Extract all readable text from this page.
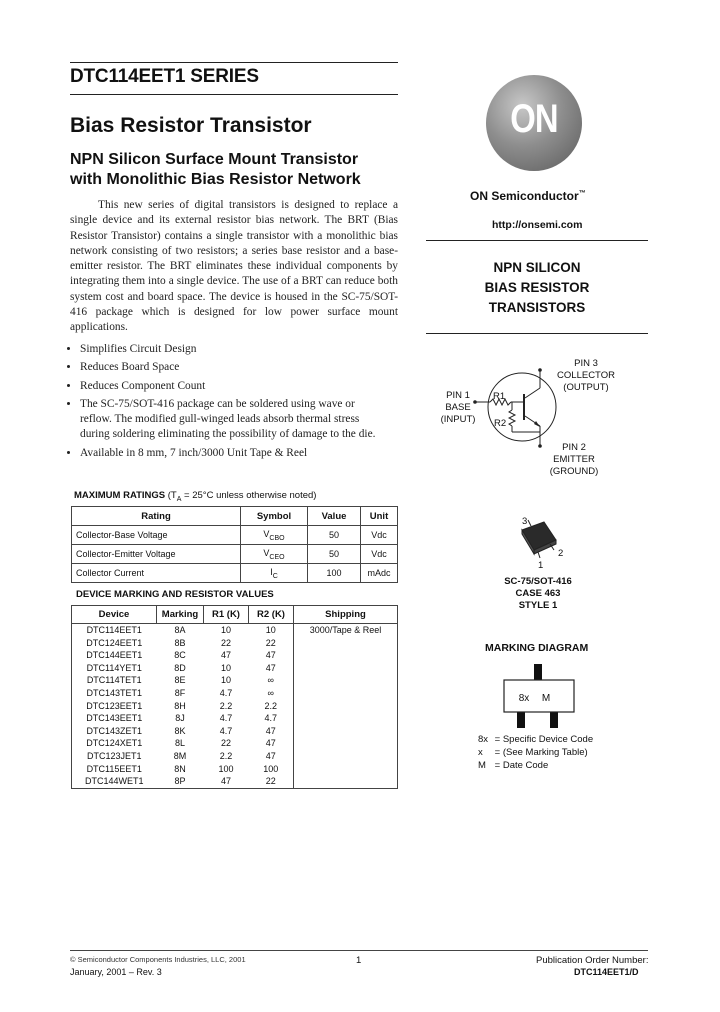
DTC114EET1 SERIES
Bias Resistor Transistor
NPN Silicon Surface Mount Transistor
with Monolithic Bias Resistor Network
This new series of digital transistors is designed to replace a single device and its external resistor bias network. The BRT (Bias Resistor Transistor) contains a single transistor with a monolithic bias network consisting of two resistors; a series base resistor and a base-emitter resistor. The BRT eliminates these individual components by integrating them into a single device. The use of a BRT can reduce both system cost and board space. The device is housed in the SC-75/SOT-416 package which is designed for low power surface mount applications.
• Simplifies Circuit Design
• Reduces Board Space
• Reduces Component Count
• The SC-75/SOT-416 package can be soldered using wave or reflow. The modified gull-winged leads absorb thermal stress during soldering eliminating the possibility of damage to the die.
• Available in 8 mm, 7 inch/3000 Unit Tape & Reel
MAXIMUM RATINGS ($T_A = 25^\circ C$ unless otherwise noted)
Rating	Symbol	Value	Unit
Collector-Base Voltage	$V_{CBO}$	50	Vdc
Collector-Emitter Voltage	$V_{CEO}$	50	Vdc
Collector Current	$I_C$	100	mAdc
DEVICE MARKING AND RESISTOR VALUES
Device	Marking	R1 (K)	R2 (K)	Shipping
DTC114EET1	8A	10	10	3000/Tape & Reel
DTC124EET1	8B	22	22	
DTC144EET1	8C	47	47	
DTC114YET1	8D	10	47	
DTC114TET1	8E	10	∞	
DTC143TET1	8F	4.7	∞	
DTC123EET1	8H	2.2	2.2	
DTC143EET1	8J	4.7	4.7	
DTC143ZET1	8K	4.7	47	
DTC124XET1	8L	22	47	
DTC123JET1	8M	2.2	47	
DTC115EET1	8N	100	100	
DTC144WET1	8P	47	22	
ON
ON Semiconductor™
http://onsemi.com
NPN SILICON
BIAS RESISTOR
TRANSISTORS
PIN 3
COLLECTOR
(OUTPUT)
PIN 1
BASE
(INPUT)
R1
R2
PIN 2
EMITTER
(GROUND)
3
2
1
SC-75/SOT-416
CASE 463
STYLE 1
MARKING DIAGRAM
8x M
8x = Specific Device Code
x = (See Marking Table)
M = Date Code
© Semiconductor Components Industries, LLC, 2001
January, 2001 – Rev. 3
1	Publication Order Number:
DTC114EET1/D
